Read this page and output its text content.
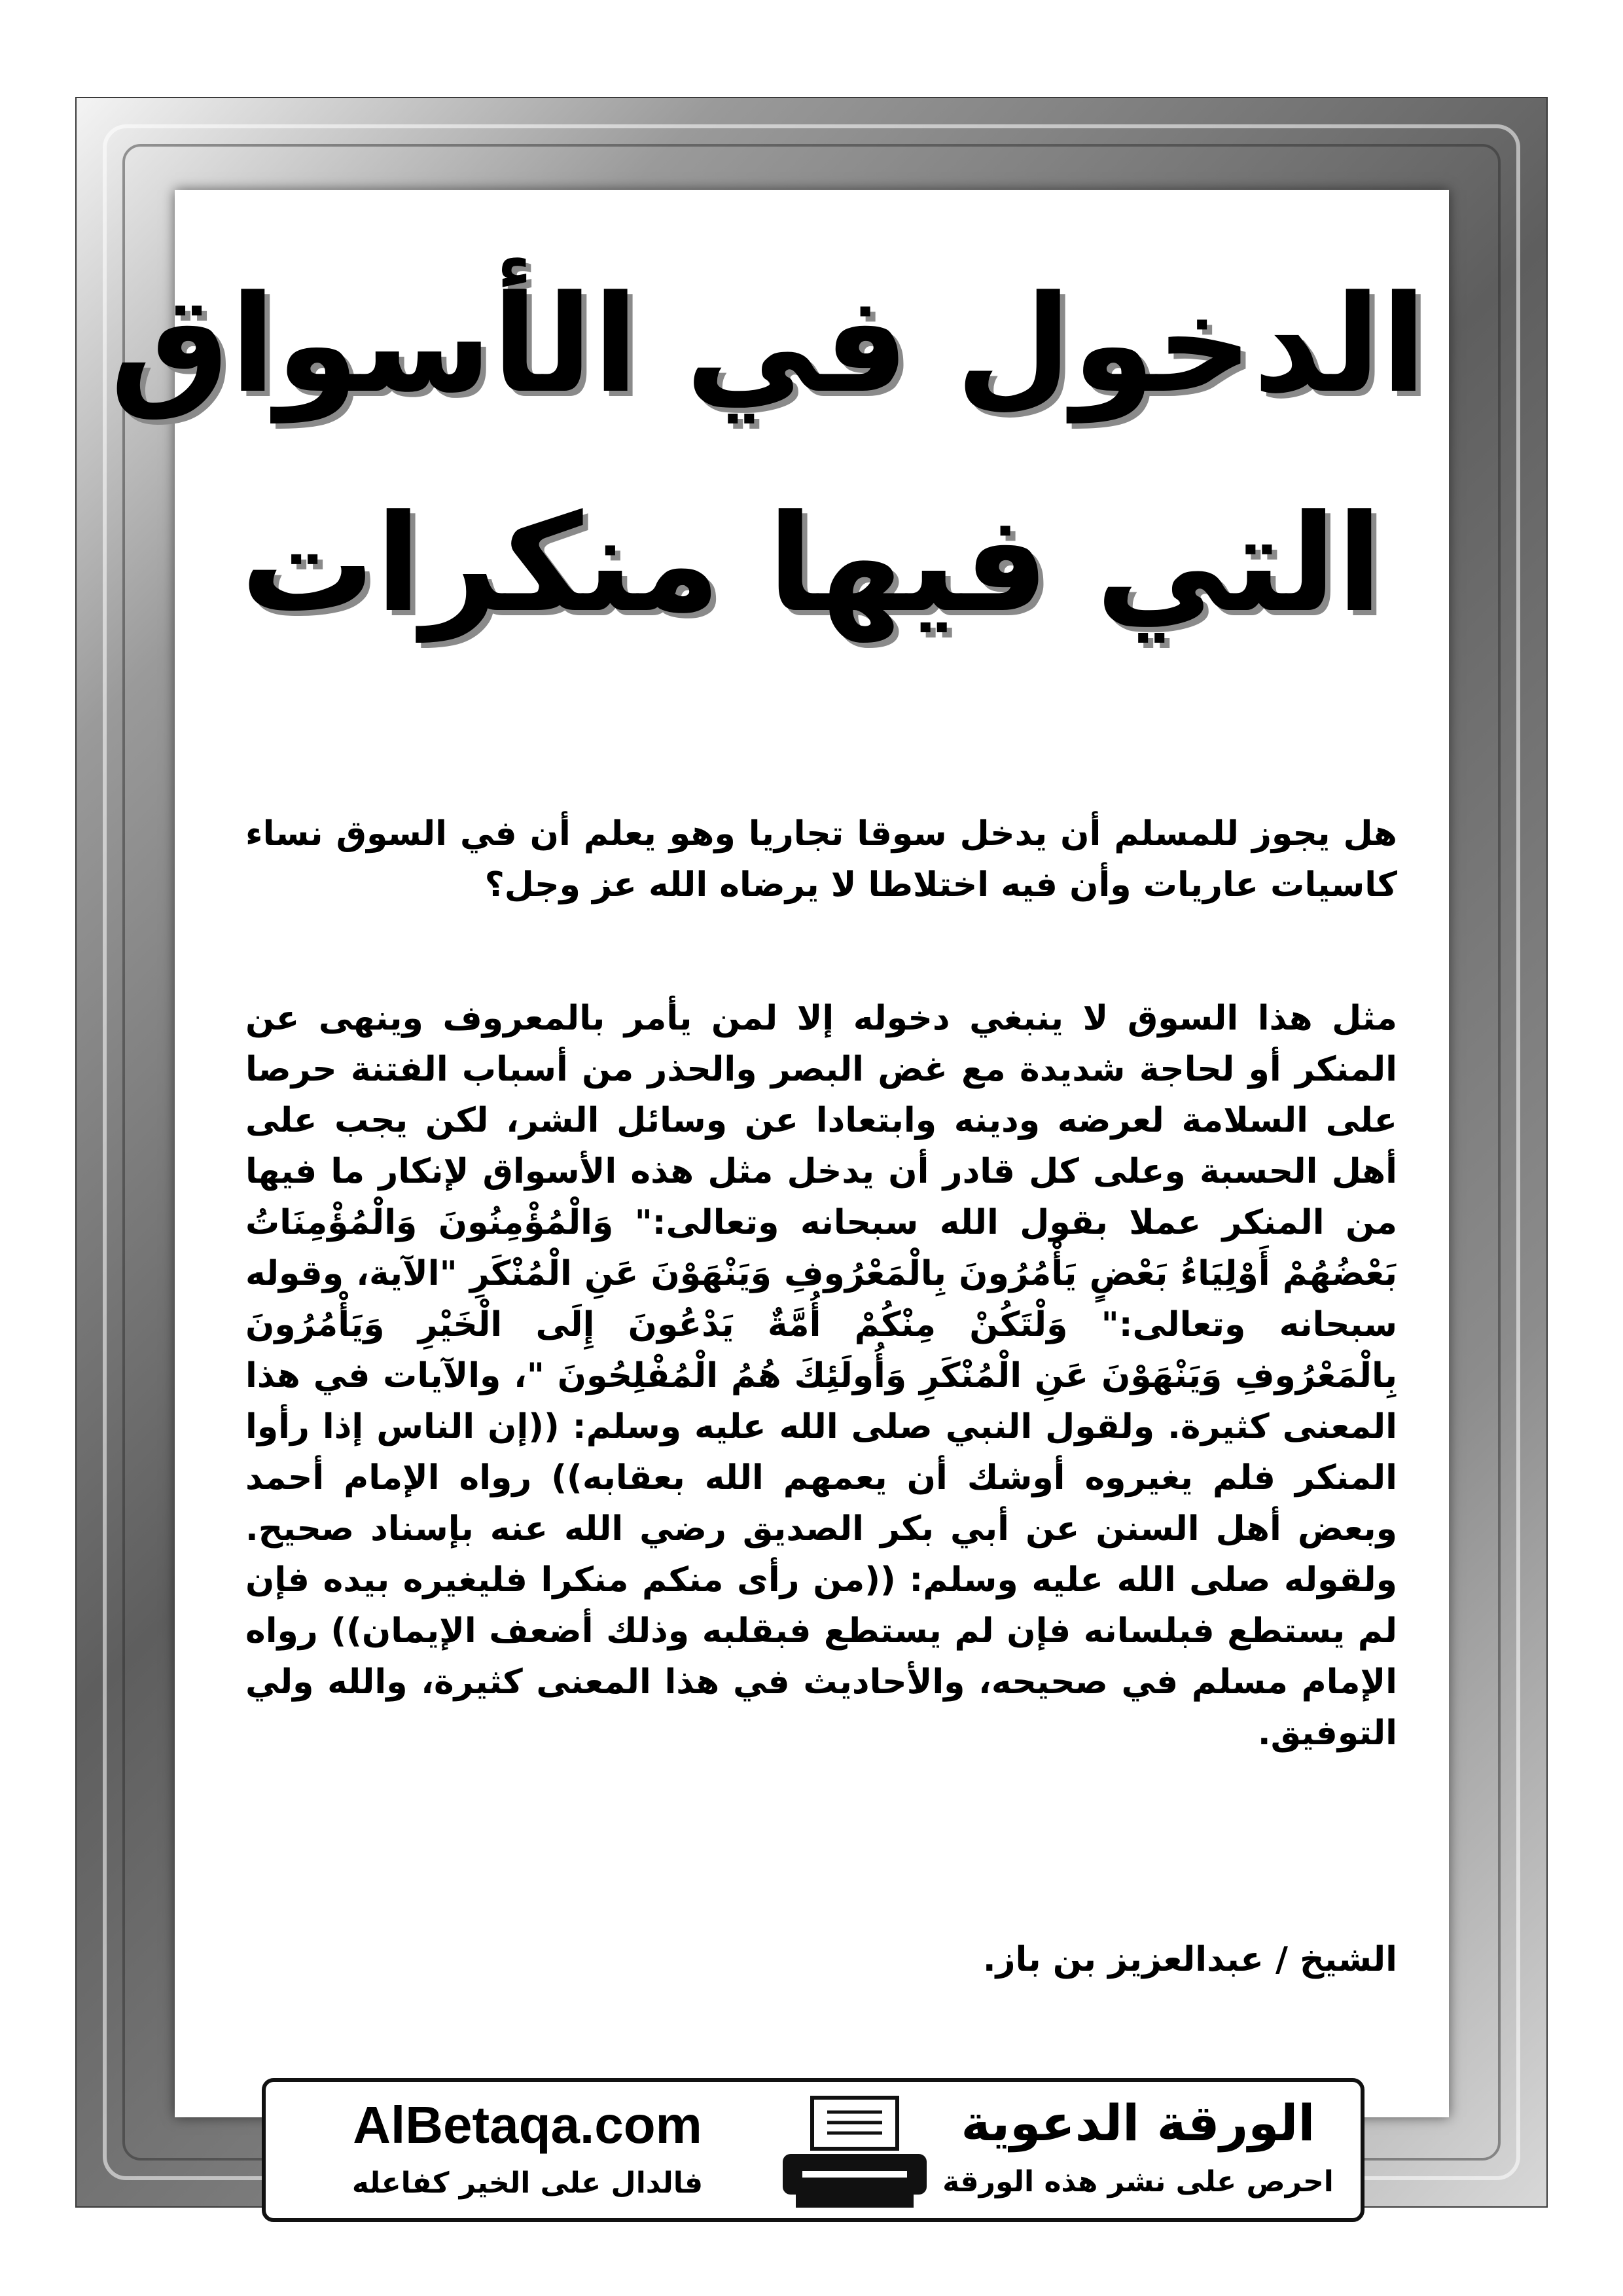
الدخول في الأسواق
التي فيها منكرات

هل يجوز للمسلم أن يدخل سوقا تجاريا وهو يعلم أن في السوق نساء كاسيات عاريات وأن فيه اختلاطا لا يرضاه الله عز وجل؟

مثل هذا السوق لا ينبغي دخوله إلا لمن يأمر بالمعروف وينهى عن المنكر أو لحاجة شديدة مع غض البصر والحذر من أسباب الفتنة حرصا على السلامة لعرضه ودينه وابتعادا عن وسائل الشر، لكن يجب على أهل الحسبة وعلى كل قادر أن يدخل مثل هذه الأسواق لإنكار ما فيها من المنكر عملا بقول الله سبحانه وتعالى:" وَالْمُؤْمِنُونَ وَالْمُؤْمِنَاتُ بَعْضُهُمْ أَوْلِيَاءُ بَعْضٍ يَأْمُرُونَ بِالْمَعْرُوفِ وَيَنْهَوْنَ عَنِ الْمُنْكَرِ "الآية، وقوله سبحانه وتعالى:" وَلْتَكُنْ مِنْكُمْ أُمَّةٌ يَدْعُونَ إِلَى الْخَيْرِ وَيَأْمُرُونَ بِالْمَعْرُوفِ وَيَنْهَوْنَ عَنِ الْمُنْكَرِ وَأُولَئِكَ هُمُ الْمُفْلِحُونَ "، والآيات في هذا المعنى كثيرة. ولقول النبي صلى الله عليه وسلم: ((إن الناس إذا رأوا المنكر فلم يغيروه أوشك أن يعمهم الله بعقابه)) رواه الإمام أحمد وبعض أهل السنن عن أبي بكر الصديق رضي الله عنه بإسناد صحيح. ولقوله صلى الله عليه وسلم: ((من رأى منكم منكرا فليغيره بيده فإن لم يستطع فبلسانه فإن لم يستطع فبقلبه وذلك أضعف الإيمان)) رواه الإمام مسلم في صحيحه، والأحاديث في هذا المعنى كثيرة، والله ولي التوفيق.

الشيخ / عبدالعزيز بن باز.
الورقة الدعوية
احرص على نشر هذه الورقة
AlBetaqa.com
فالدال على الخير كفاعله
